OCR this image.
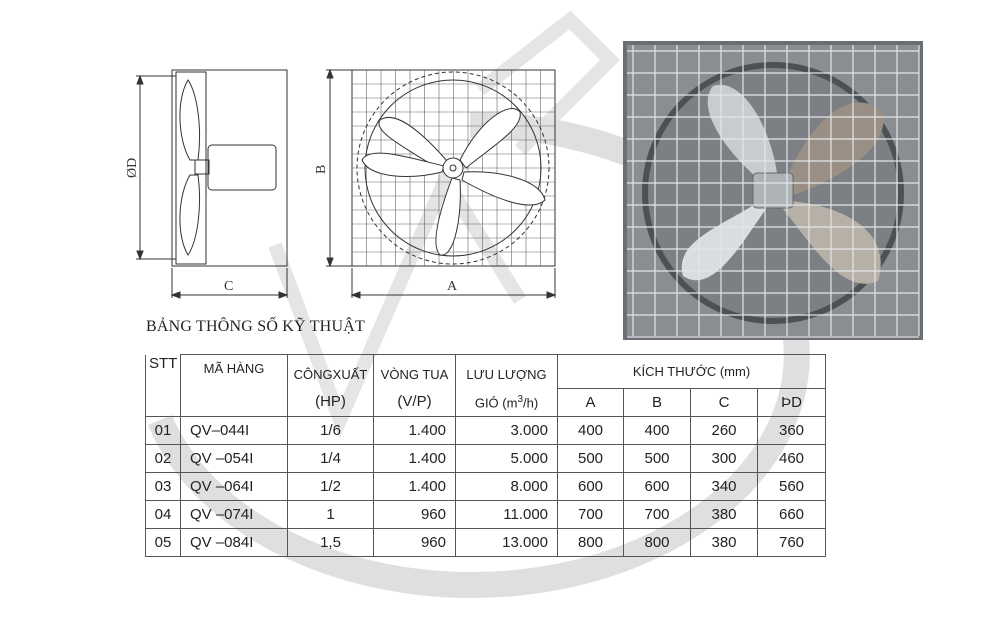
ØD
C
B
A
BẢNG THÔNG SỐ KỸ THUẬT
STT	MÃ HÀNG	CÔNGXUẤT	VÒNG TUA	LƯU LƯỢNG	KÍCH THƯỚC (mm)			
		(HP)	(V/P)	GIÓ $(m^3/h)$	A	B	C	ÞD
01	QV–044I	1/6	1.400	3.000	400	400	260	360
02	QV –054I	1/4	1.400	5.000	500	500	300	460
03	QV –064I	1/2	1.400	8.000	600	600	340	560
04	QV –074I	1	960	11.000	700	700	380	660
05	QV –084I	1,5	960	13.000	800	800	380	760
